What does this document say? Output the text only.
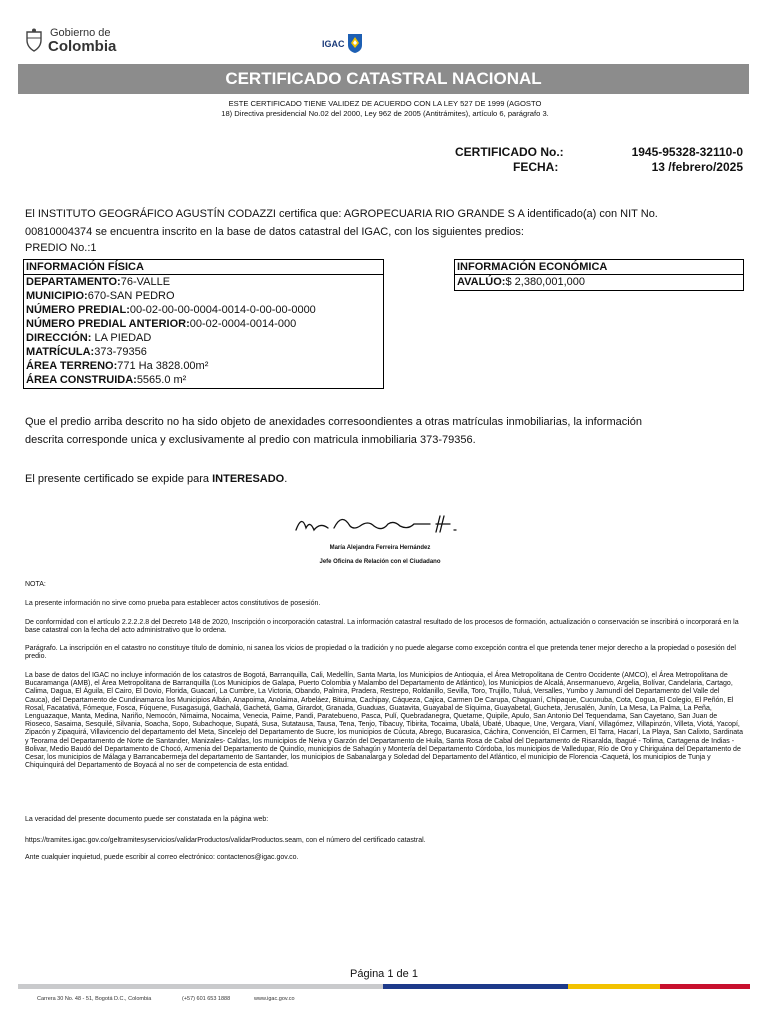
Gobierno de
Colombia	IGAC
CERTIFICADO CATASTRAL NACIONAL
ESTE CERTIFICADO TIENE VALIDEZ DE ACUERDO CON LA LEY 527 DE 1999 (AGOSTO
18) Directiva presidencial No.02 del 2000, Ley 962 de 2005 (Antitrámites), artículo 6, parágrafo 3.
CERTIFICADO No.:	1945-95328-32110-0
FECHA:	13 /febrero/2025
El INSTITUTO GEOGRÁFICO AGUSTÍN CODAZZI certifica que: AGROPECUARIA RIO GRANDE S A identificado(a) con NIT No.
00810004374 se encuentra inscrito en la base de datos catastral del IGAC, con los siguientes predios:
PREDIO No.:1
INFORMACIÓN FÍSICA
DEPARTAMENTO:76-VALLE
MUNICIPIO:670-SAN PEDRO
NÚMERO PREDIAL:00-02-00-00-0004-0014-0-00-00-0000
NÚMERO PREDIAL ANTERIOR:00-02-0004-0014-000
DIRECCIÓN: LA PIEDAD
MATRÍCULA:373-79356
ÁREA TERRENO:771 Ha 3828.00m²
ÁREA CONSTRUIDA:5565.0 m²
INFORMACIÓN ECONÓMICA
AVALÚO:$ 2,380,001,000
Que el predio arriba descrito no ha sido objeto de anexidades corresoondientes a otras matrículas inmobiliarias, la información
descrita corresponde unica y exclusivamente al predio con matricula inmobiliaria 373-79356.
El presente certificado se expide para INTERESADO.
María Alejandra Ferreira Hernández
Jefe Oficina de Relación con el Ciudadano
NOTA:
La presente información no sirve como prueba para establecer actos constitutivos de posesión.
De conformidad con el artículo 2.2.2.2.8 del Decreto 148 de 2020, Inscripción o incorporación catastral. La información catastral resultado de los procesos de formación, actualización o conservación se inscribirá o incorporará en la base catastral con la fecha del acto administrativo que lo ordena.
Parágrafo. La inscripción en el catastro no constituye título de dominio, ni sanea los vicios de propiedad o la tradición y no puede alegarse como excepción contra el que pretenda tener mejor derecho a la propiedad o posesión del predio.
La base de datos del IGAC no incluye información de los catastros de Bogotá, Barranquilla, Cali, Medellín, Santa Marta, los Municipios de Antioquia, el Área Metropolitana de Centro Occidente (AMCO), el Área Metropolitana de Bucaramanga (AMB), el Área Metropolitana de Barranquilla (Los Municipios de Galapa, Puerto Colombia y Malambo del Departamento de Atlántico), los Municipios de Alcalá, Ansermanuevo, Argelia, Bolívar, Candelaria, Cartago, Calima, Dagua, El Águila, El Cairo, El Dovio, Florida, Guacarí, La Cumbre, La Victoria, Obando, Palmira, Pradera, Restrepo, Roldanillo, Sevilla, Toro, Trujillo, Tuluá, Versalles, Yumbo y Jamundí del Departamento del Valle del Cauca), del Departamento de Cundinamarca los Municipios Albán, Anapoima, Anolaima, Arbeláez, Bituima, Cachipay, Cáqueza, Cajica, Carmen De Carupa, Chaguaní, Chipaque, Cucunuba, Cota, Cogua, El Colegio, El Peñón, El Rosal, Facatativá, Fómeque, Fosca, Fúquene, Fusagasugá, Gachalá, Gachetá, Gama, Girardot, Granada, Guaduas, Guatavita, Guayabal de Síquima, Guayabetal, Gucheta, Jerusalén, Junín, La Mesa, La Palma, La Peña, Lenguazaque, Manta, Medina, Nariño, Nemocón, Nimaima, Nocaima, Venecia, Paime, Pandi, Paratebueno, Pasca, Pulí, Quebradanegra, Quetame, Quipile, Apulo, San Antonio Del Tequendama, San Cayetano, San Juan de Rioseco, Sasaima, Sesquilé, Silvania, Soacha, Sopo, Subachoque, Supatá, Susa, Sutatausa, Tausa, Tena, Tenjo, Tibacuy, Tibirita, Tocaima, Ubalá, Ubaté, Ubaque, Une, Vergara, Vianí, Villagómez, Villapinzón, Villeta, Viotá, Yacopí, Zipacón y Zipaquirá, Villavicencio del departamento del Meta, Sincelejo del Departamento de Sucre, los municipios de Cúcuta, Abrego, Bucarasica, Cáchira, Convención, El Carmen, El Tarra, Hacarí, La Playa, San Calixto, Sardinata y Teorama del Departamento de Norte de Santander, Manizales- Caldas, los municipios de Neiva y Garzón del Departamento de Huila, Santa Rosa de Cabal del Departamento de Risaralda, Ibagué - Tolima, Cartagena de Indias - Bolivar, Medio Baudó del Departamento de Chocó, Armenia del Departamento de Quindío, municipios de Sahagún y Montería del Departamento Córdoba, los municipios de Valledupar, Río de Oro y Chiriguána del Departamento de Cesar, los municipios de Málaga y Barrancabermeja del departamento de Santander, los municipios de Sabanalarga y Soledad del Departamento del Atlántico, el municipio de Florencia -Caquetá, los municipios de Tunja y Chiquinquirá del Departamento de Boyacá al no ser de competencia de esta entidad.
La veracidad del presente documento puede ser constatada en la página web:
https://tramites.igac.gov.co/geltramitesyservicios/validarProductos/validarProductos.seam, con el número del certificado catastral.
Ante cualquier inquietud, puede escribir al correo electrónico: contactenos@igac.gov.co.
Página 1 de 1
Carrera 30 No. 48 - 51, Bogotá D.C., Colombia	(+57) 601 653 1888	www.igac.gov.co
